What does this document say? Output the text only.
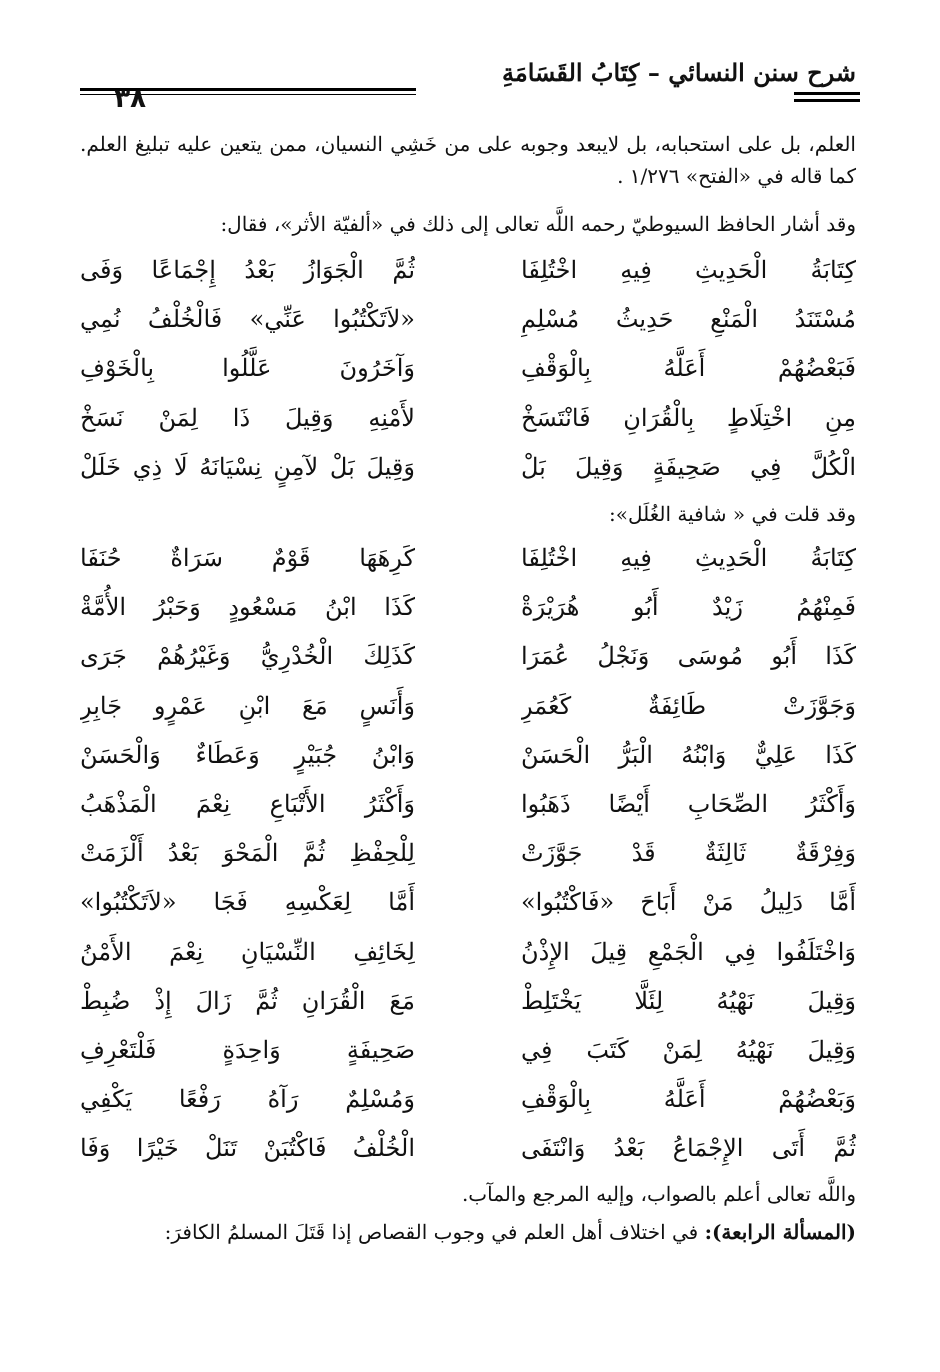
شرح سنن النسائي – كِتَابُ القَسَامَةِ
٣٨
العلم، بل على استحبابه، بل لايبعد وجوبه على من خَشِي النسيان، ممن يتعين عليه تبليغ العلم. كما قاله في «الفتح» ١/٢٧٦ .
وقد أشار الحافظ السيوطيّ رحمه اللَّه تعالى إلى ذلك في «ألفيّة الأثر»، فقال:
كِتَابَةُ الْحَدِيثِ فِيهِ اخْتُلِفَا
ثُمَّ الْجَوَازُ بَعْدُ إِجْمَاعًا وَفَى
مُسْتَنَدُ الْمَنْعِ حَدِيثُ مُسْلِمِ
«لاَتَكْتُبُوا عَنِّي» فَالْخُلْفُ نُمِي
فَبَعْضُهُمْ أَعَلَّهُ بِالْوَقْفِ
وَآخَرُونَ عَلَّلُوا بِالْخَوْفِ
مِنِ اخْتِلَاطٍ بِالْقُرَانِ فَانْتَسَخْ
لأَمْنِهِ وَقِيلَ ذَا لِمَنْ نَسَخْ
الْكُلَّ فِي صَحِيفَةٍ وَقِيلَ بَلْ
وَقِيلَ بَلْ لآمِنٍ نِسْيَانَهُ لَا ذِي خَلَلْ
وقد قلت في « شافية الغُلَل»:
كِتَابَةُ الْحَدِيثِ فِيهِ اخْتُلِفَا
كَرِهَهَا قَوْمٌ سَرَاةٌ حُنَفَا
فَمِنْهُمُ زَيْدٌ أَبُو هُرَيْرَةْ
كَذَا ابْنُ مَسْعُودٍ وَحَبْرُ الأُمَّةْ
كَذَا أَبُو مُوسَى وَنَجْلُ عُمَرَا
كَذَلِكَ الْخُدْرِيُّ وَغَيْرُهُمْ جَرَى
وَجَوَّزَتْ طَائِفَةٌ كَعُمَرِ
وَأَنَسٍ مَعَ ابْنِ عَمْرٍو جَابِرِ
كَذَا عَلِيٌّ وَابْنُهُ الْبَرُّ الْحَسَنْ
وَابْنُ جُبَيْرٍ وَعَطَاءٌ وَالْحَسَنْ
وَأَكْثَرُ الصِّحَابِ أَيْضًا ذَهَبُوا
وَأَكْثَرُ الأَتْبَاعِ نِعْمَ الْمَذْهَبُ
وَفِرْقَةٌ ثَالِثَةٌ قَدْ جَوَّزَتْ
لِلْحِفْظِ ثُمَّ الْمَحْوَ بَعْدُ أَلْزَمَتْ
أَمَّا دَلِيلُ مَنْ أَبَاحَ «فَاكْتُبُوا»
أَمَّا لِعَكْسِهِ فَجَا «لاَتَكْتُبُوا»
وَاخْتَلَفُوا فِي الْجَمْعِ قِيلَ الإِذْنُ
لِخَائِفِ النِّسْيَانِ نِعْمَ الأَمْنُ
وَقِيلَ نَهْيُهُ لِئَلَّا يَخْتَلِطْ
مَعَ الْقُرَانِ ثُمَّ زَالَ إِذْ ضُبِطْ
وَقِيلَ نَهْيُهُ لِمَنْ كَتَبَ فِي
صَحِيفَةٍ وَاحِدَةٍ فَلْتَعْرِفِ
وَبَعْضُهُمْ أَعَلَّهُ بِالْوَقْفِ
وَمُسْلِمٌ رَآهُ رَفْعًا يَكْفِي
ثُمَّ أَتَى الإِجْمَاعُ بَعْدُ وَانْتَفَى
الْخُلْفُ فَاكْتُبَنْ تَنَلْ خَيْرًا وَفَا
واللَّه تعالى أعلم بالصواب، وإليه المرجع والمآب.
(المسألة الرابعة): في اختلاف أهل العلم في وجوب القصاص إذا قَتَلَ المسلمُ الكافرَ:
